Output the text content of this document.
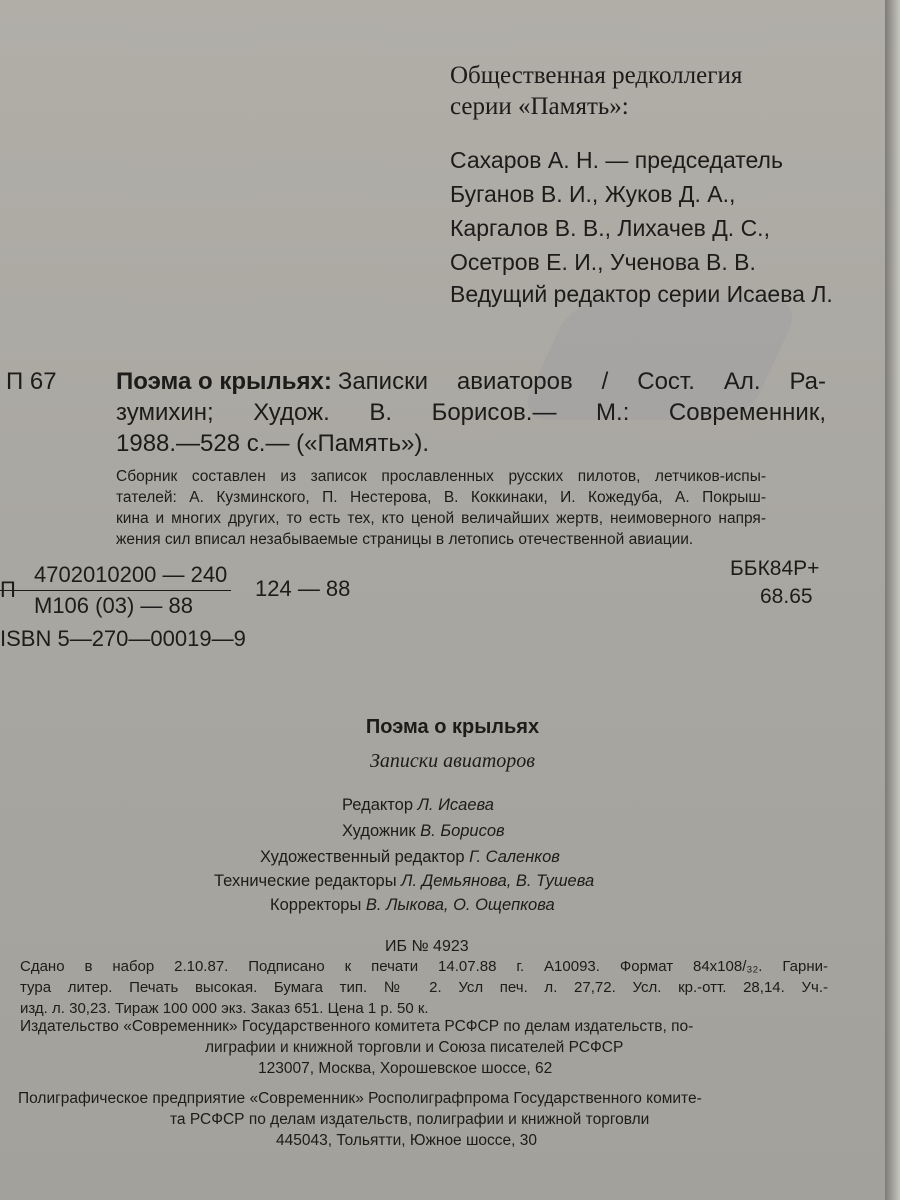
Общественная редколлегия
серии «Память»:
Сахаров А. Н. — председатель
Буганов В. И., Жуков Д. А.,
Каргалов В. В., Лихачев Д. С.,
Осетров Е. И., Ученова В. В.
Ведущий редактор серии Исаева Л.
П 67	Поэма о крыльях: Записки авиаторов / Сост. Ал. Ра-
зумихин; Худож. В. Борисов.— М.: Современник,
1988.—528 с.— («Память»).
Сборник составлен из записок прославленных русских пилотов, летчиков-испы-
тателей: А. Кузминского, П. Нестерова, В. Коккинаки, И. Кожедуба, А. Покрыш-
кина и многих других, то есть тех, кто ценой величайших жертв, неимоверного напря-
жения сил вписал незабываемые страницы в летопись отечественной авиации.
П
4702010200 — 240
М106 (03) — 88
124 — 88
ББК84Р+
68.65
ISBN 5—270—00019—9
Поэма о крыльях
Записки авиаторов
Редактор Л. Исаева
Художник В. Борисов
Художественный редактор Г. Саленков
Технические редакторы Л. Демьянова, В. Тушева
Корректоры В. Лыкова, О. Ощепкова
ИБ № 4923
Сдано в набор 2.10.87. Подписано к печати 14.07.88 г. А10093. Формат 84x108/₃₂. Гарни-
тура литер. Печать высокая. Бумага тип. № 2. Усл печ. л. 27,72. Усл. кр.-отт. 28,14. Уч.-
изд. л. 30,23. Тираж 100 000 экз. Заказ 651. Цена 1 р. 50 к.
Издательство «Современник» Государственного комитета РСФСР по делам издательств, по-
лиграфии и книжной торговли и Союза писателей РСФСР
123007, Москва, Хорошевское шоссе, 62
Полиграфическое предприятие «Современник» Росполиграфпрома Государственного комите-
та РСФСР по делам издательств, полиграфии и книжной торговли
445043, Тольятти, Южное шоссе, 30
